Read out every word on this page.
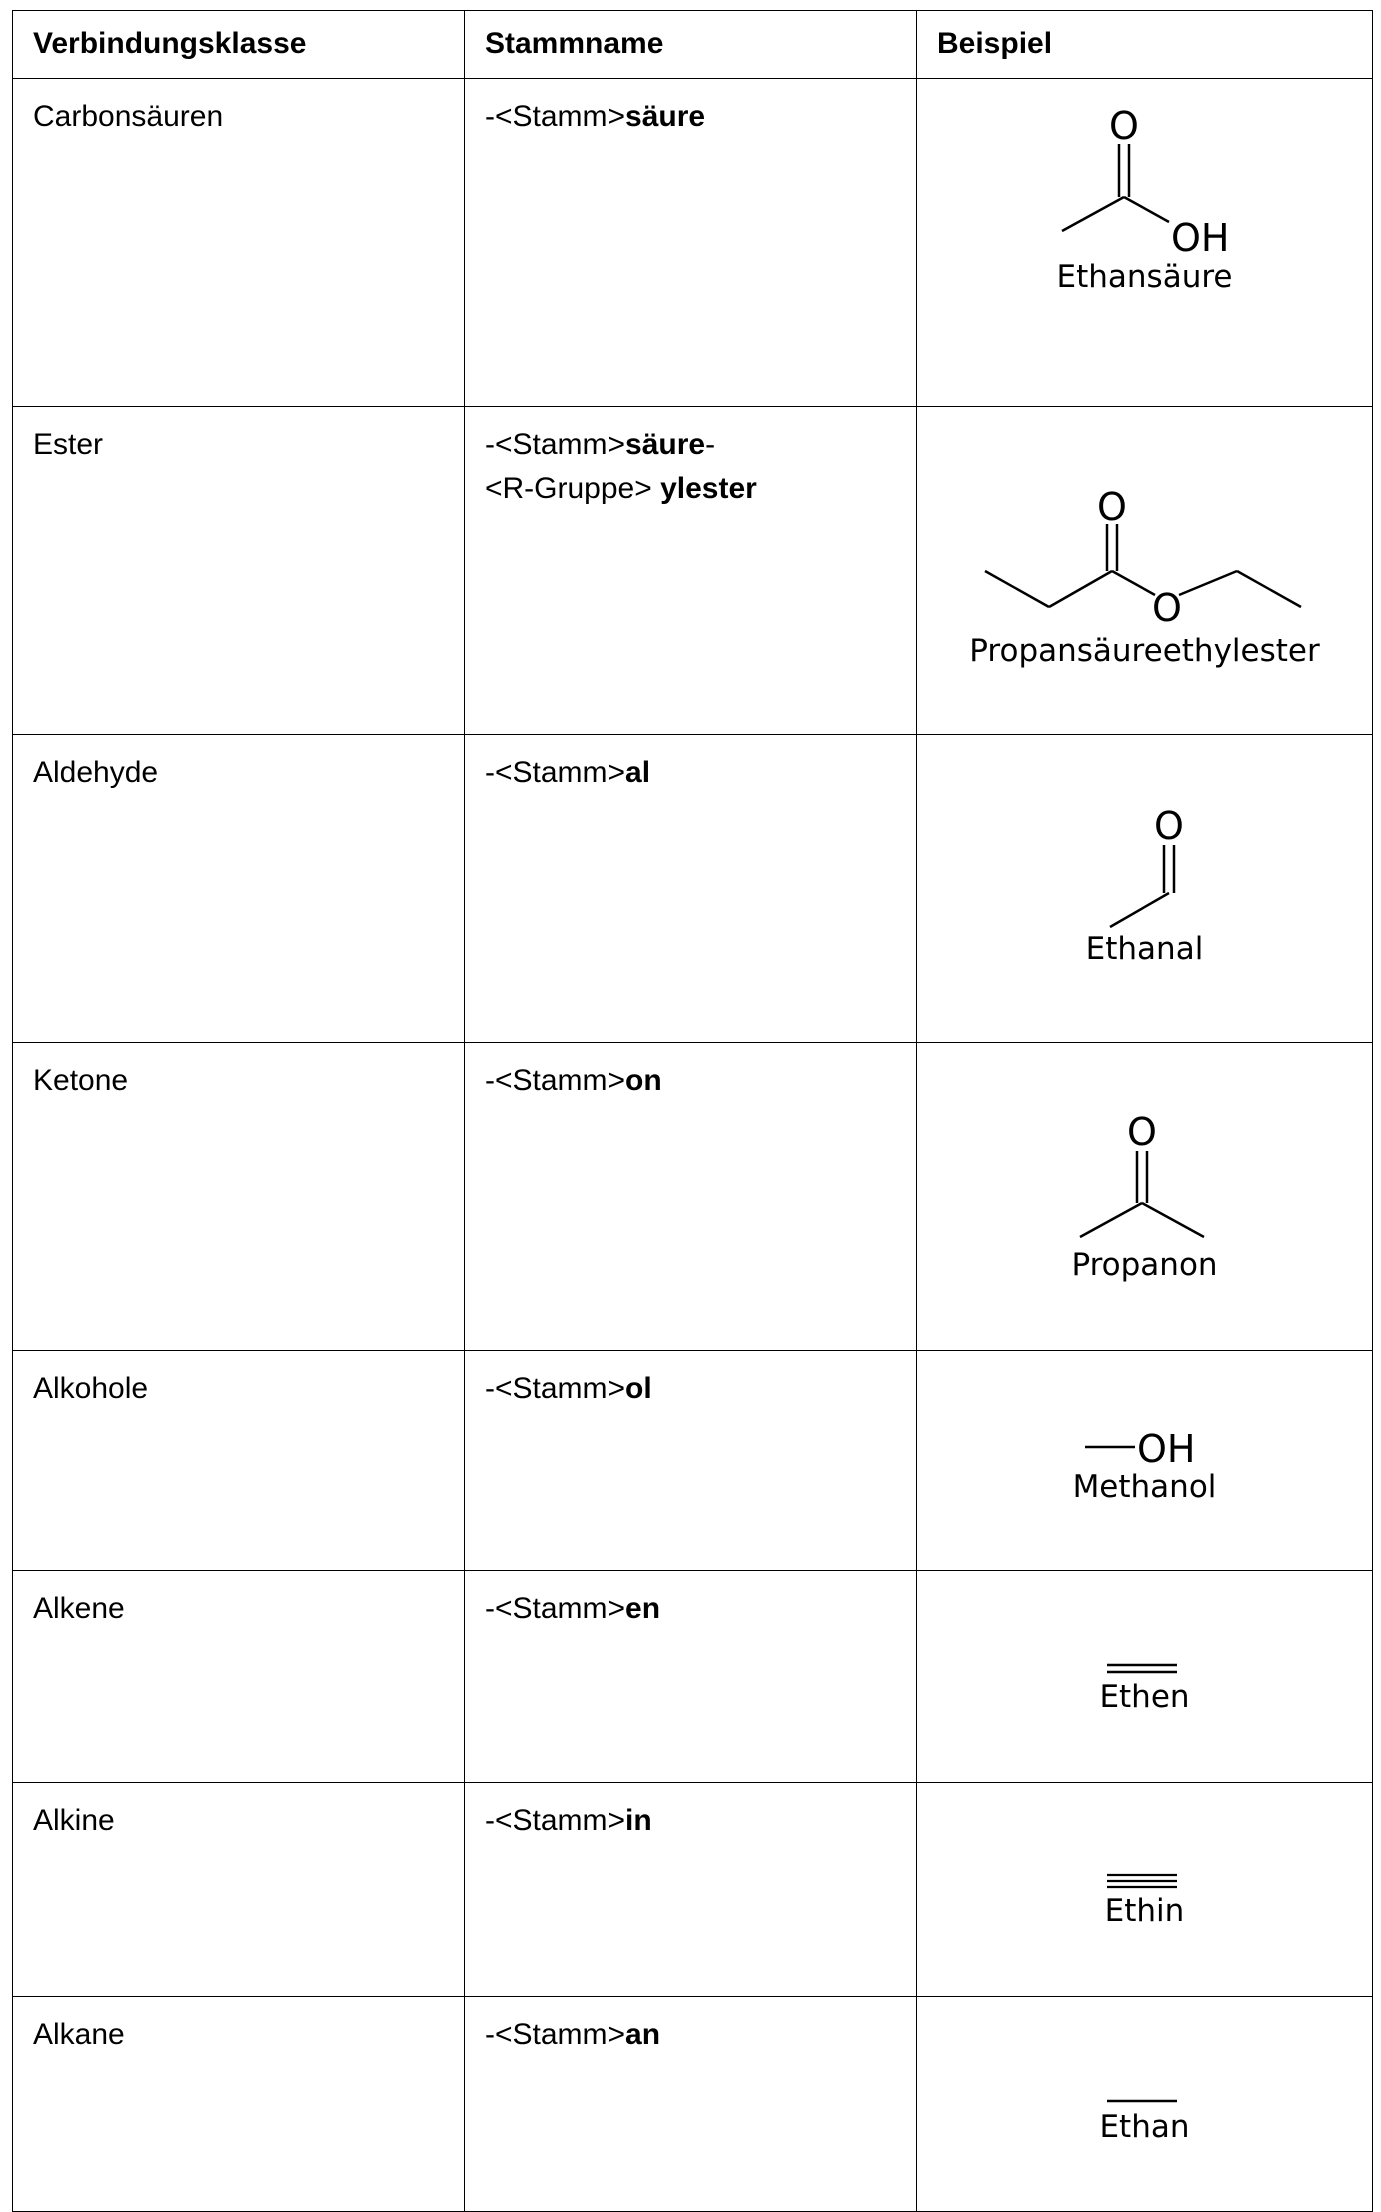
Verbindungsklasse	Stammname	Beispiel
Carbonsäuren	-<Stamm>säure	O
OH
Ethansäure

Ester	-<Stamm>säure-
<R-Gruppe> ylester	O
O
Propansäureethylester

Aldehyde	-<Stamm>al	O
Ethanal

Ketone	-<Stamm>on	O
Propanon

Alkohole	-<Stamm>ol	OH
Methanol

Alkene	-<Stamm>en	Ethen

Alkine	-<Stamm>in	Ethin

Alkane	-<Stamm>an	Ethan
